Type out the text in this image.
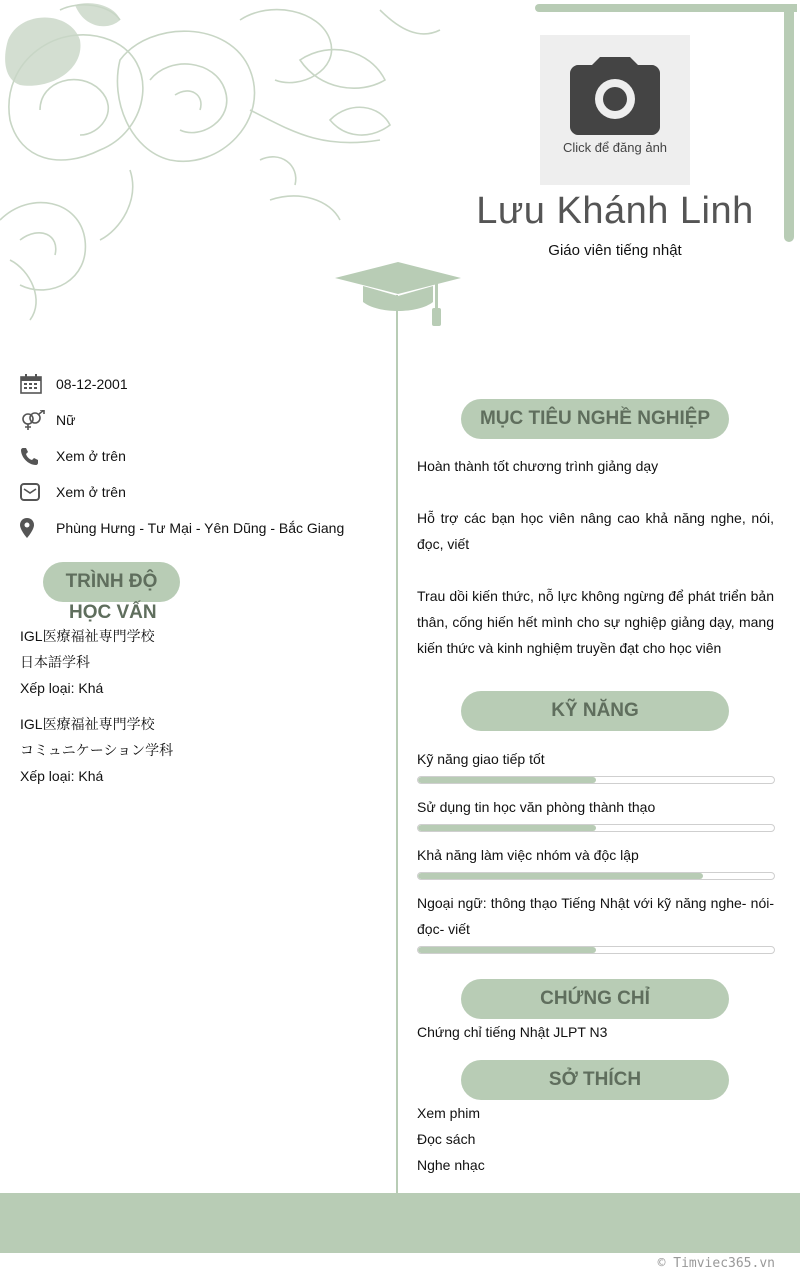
Click để đăng ảnh
Lưu Khánh Linh
Giáo viên tiếng nhật
08-12-2001
Nữ
Xem ở trên
Xem ở trên
Phùng Hưng - Tư Mại - Yên Dũng - Bắc Giang
TRÌNH ĐỘ
HỌC VẤN
IGL医療福祉専門学校
日本語学科
Xếp loại: Khá
IGL医療福祉専門学校
コミュニケーション学科
Xếp loại: Khá
MỤC TIÊU NGHỀ NGHIỆP
Hoàn thành tốt chương trình giảng dạy
Hỗ trợ các bạn học viên nâng cao khả năng nghe, nói, đọc, viết
Trau dồi kiến thức, nỗ lực không ngừng để phát triển bản thân, cống hiến hết mình cho sự nghiệp giảng dạy, mang kiến thức và kinh nghiệm truyền đạt cho học viên
KỸ NĂNG
Kỹ năng giao tiếp tốt
Sử dụng tin học văn phòng thành thạo
Khả năng làm việc nhóm và độc lập
Ngoại ngữ: thông thạo Tiếng Nhật với kỹ năng nghe- nói- đọc- viết
CHỨNG CHỈ
Chứng chỉ tiếng Nhật JLPT N3
SỞ THÍCH
Xem phim
Đọc sách
Nghe nhạc
© Timviec365.vn
